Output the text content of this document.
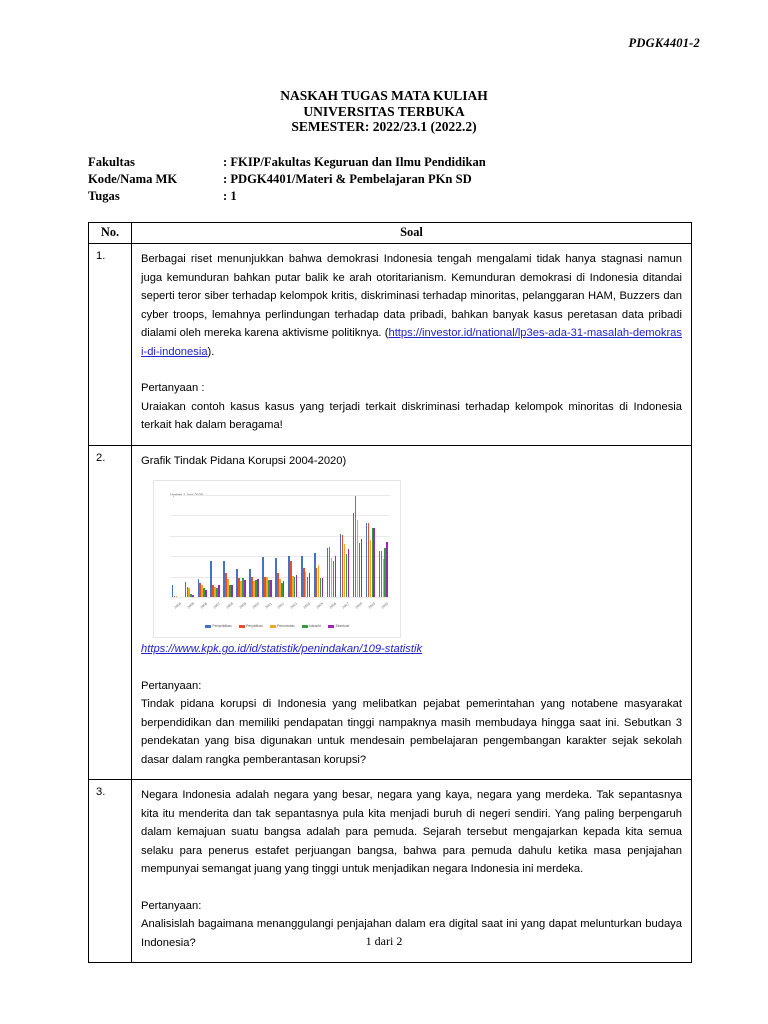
PDGK4401-2
NASKAH TUGAS MATA KULIAH
UNIVERSITAS TERBUKA
SEMESTER: 2022/23.1 (2022.2)
Fakultas	: FKIP/Fakultas Keguruan dan Ilmu Pendidikan
Kode/Nama MK	: PDGK4401/Materi & Pembelajaran PKn SD
Tugas	: 1
No.	Soal
1.	Berbagai riset menunjukkan bahwa demokrasi Indonesia tengah mengalami tidak hanya stagnasi namun juga kemunduran bahkan putar balik ke arah otoritarianism. Kemunduran demokrasi di Indonesia ditandai seperti teror siber terhadap kelompok kritis, diskriminasi terhadap minoritas, pelanggaran HAM, Buzzers dan cyber troops, lemahnya perlindungan terhadap data pribadi, bahkan banyak kasus peretasan data pribadi dialami oleh mereka karena aktivisme politiknya. (https://investor.id/national/lp3es-ada-31-masalah-demokrasi-di-indonesia).

Pertanyaan :

Uraiakan contoh kasus kasus yang terjadi terkait diskriminasi terhadap kelompok minoritas di Indonesia terkait hak dalam beragama!

2.	Grafik Tindak Pidana Korupsi 2004-2020)

2004	2005	2006	2007	2008	2009	2010	2011	2012	2013	2014	2015	2016	2017	2018	2019	2020
Penyelidikan	Penyidikan	Penuntutan	Inkracht	Eksekusi
https://www.kpk.go.id/id/statistik/penindakan/109-statistik

Pertanyaan:

Tindak pidana korupsi di Indonesia yang melibatkan pejabat pemerintahan yang notabene masyarakat berpendidikan dan memiliki pendapatan tinggi nampaknya masih membudaya hingga saat ini. Sebutkan 3 pendekatan yang bisa digunakan untuk mendesain pembelajaran pengembangan karakter sejak sekolah dasar dalam rangka pemberantasan korupsi?

3.	Negara Indonesia adalah negara yang besar, negara yang kaya, negara yang merdeka. Tak sepantasnya kita itu menderita dan tak sepantasnya pula kita menjadi buruh di negeri sendiri. Yang paling berpengaruh dalam kemajuan suatu bangsa adalah para pemuda. Sejarah tersebut mengajarkan kepada kita semua selaku para penerus estafet perjuangan bangsa, bahwa para pemuda dahulu ketika masa penjajahan mempunyai semangat juang yang tinggi untuk menjadikan negara Indonesia ini merdeka.

Pertanyaan:

Analisislah bagaimana menanggulangi penjajahan dalam era digital saat ini yang dapat melunturkan budaya Indonesia?	1 dari 2
